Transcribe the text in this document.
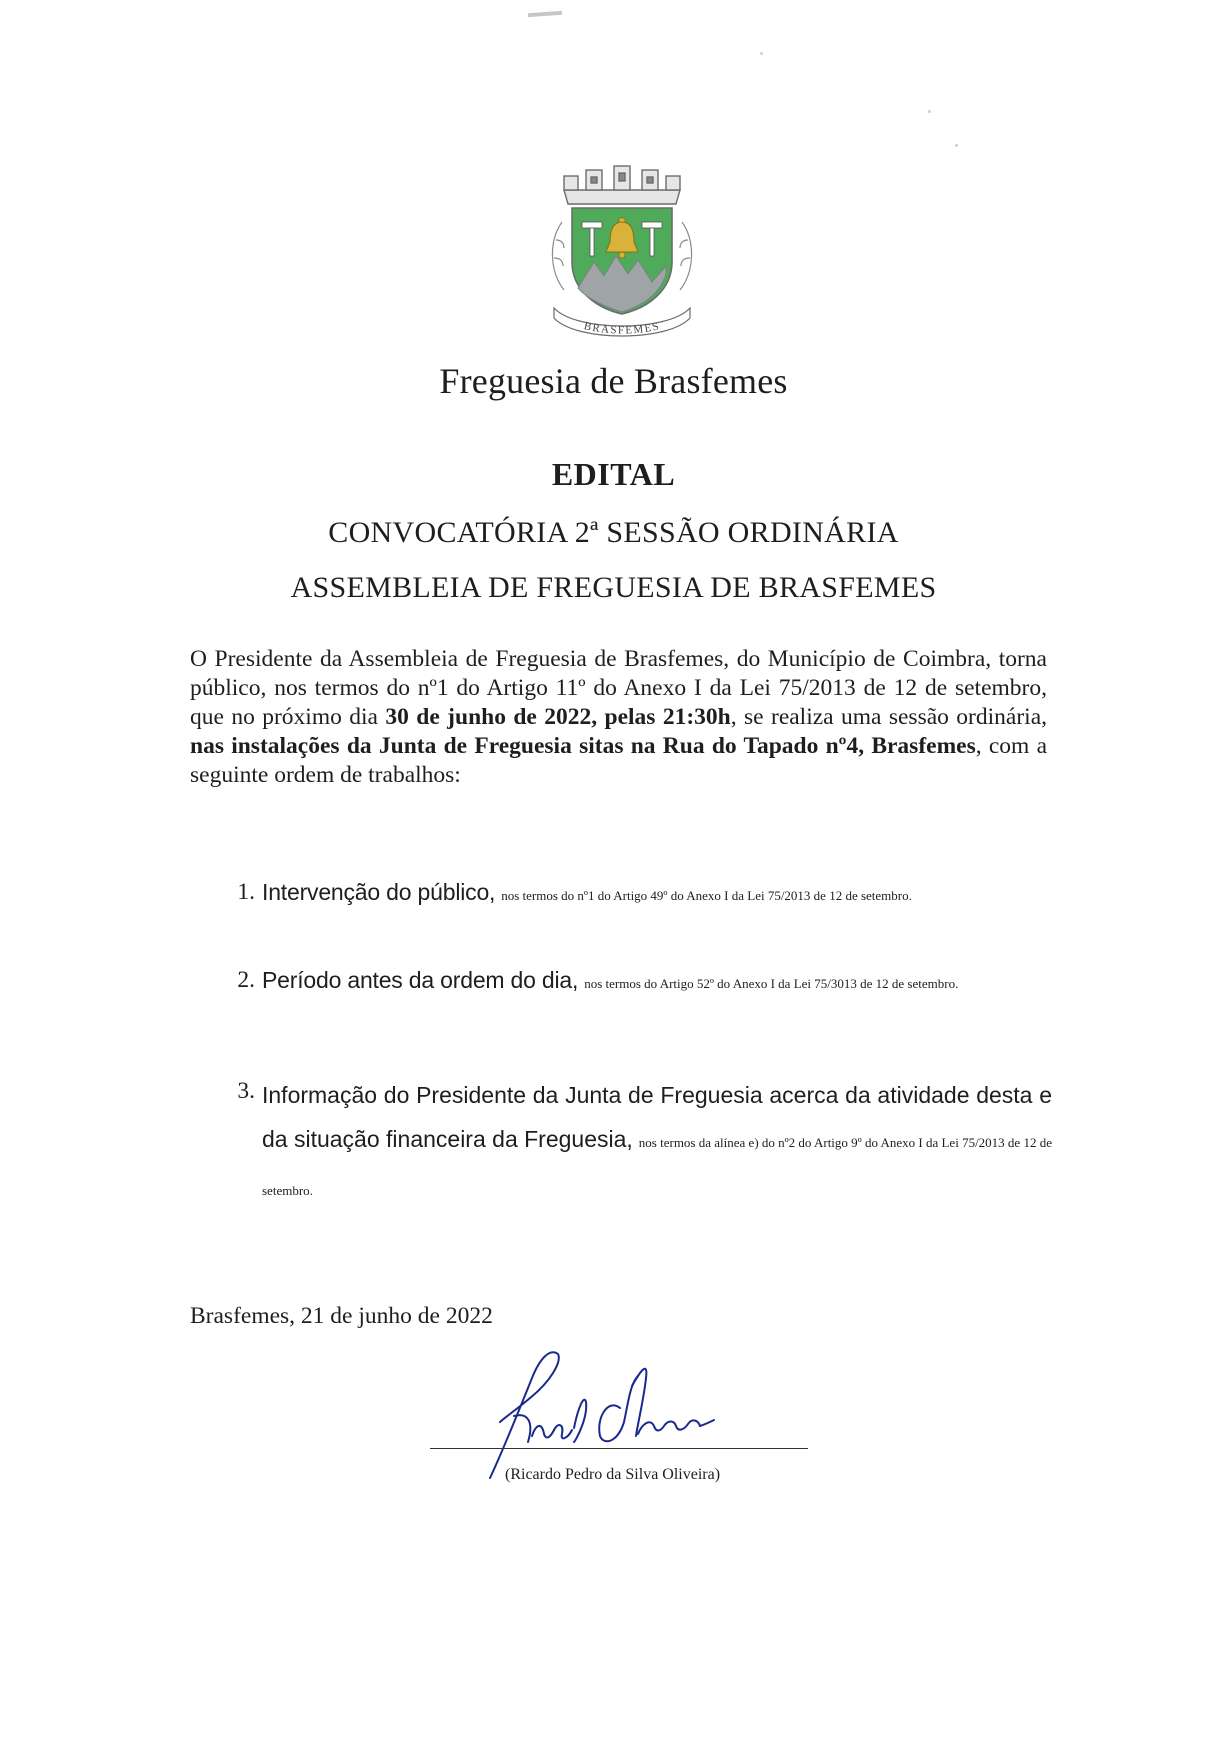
BRASFEMES
Freguesia de Brasfemes
EDITAL
CONVOCATÓRIA 2ª SESSÃO ORDINÁRIA
ASSEMBLEIA DE FREGUESIA DE BRASFEMES
O Presidente da Assembleia de Freguesia de Brasfemes, do Município de Coimbra, torna público, nos termos do nº1 do Artigo 11º do Anexo I da Lei 75/2013 de 12 de setembro, que no próximo dia 30 de junho de 2022, pelas 21:30h, se realiza uma sessão ordinária, nas instalações da Junta de Freguesia sitas na Rua do Tapado nº4, Brasfemes, com a seguinte ordem de trabalhos:
1. Intervenção do público, nos termos do nº1 do Artigo 49º do Anexo I da Lei 75/2013 de 12 de setembro.
2. Período antes da ordem do dia, nos termos do Artigo 52º do Anexo I da Lei 75/3013 de 12 de setembro.
3. Informação do Presidente da Junta de Freguesia acerca da atividade desta e da situação financeira da Freguesia, nos termos da alínea e) do nº2 do Artigo 9º do Anexo I da Lei 75/2013 de 12 de setembro.
Brasfemes, 21 de junho de 2022
(Ricardo Pedro da Silva Oliveira)
